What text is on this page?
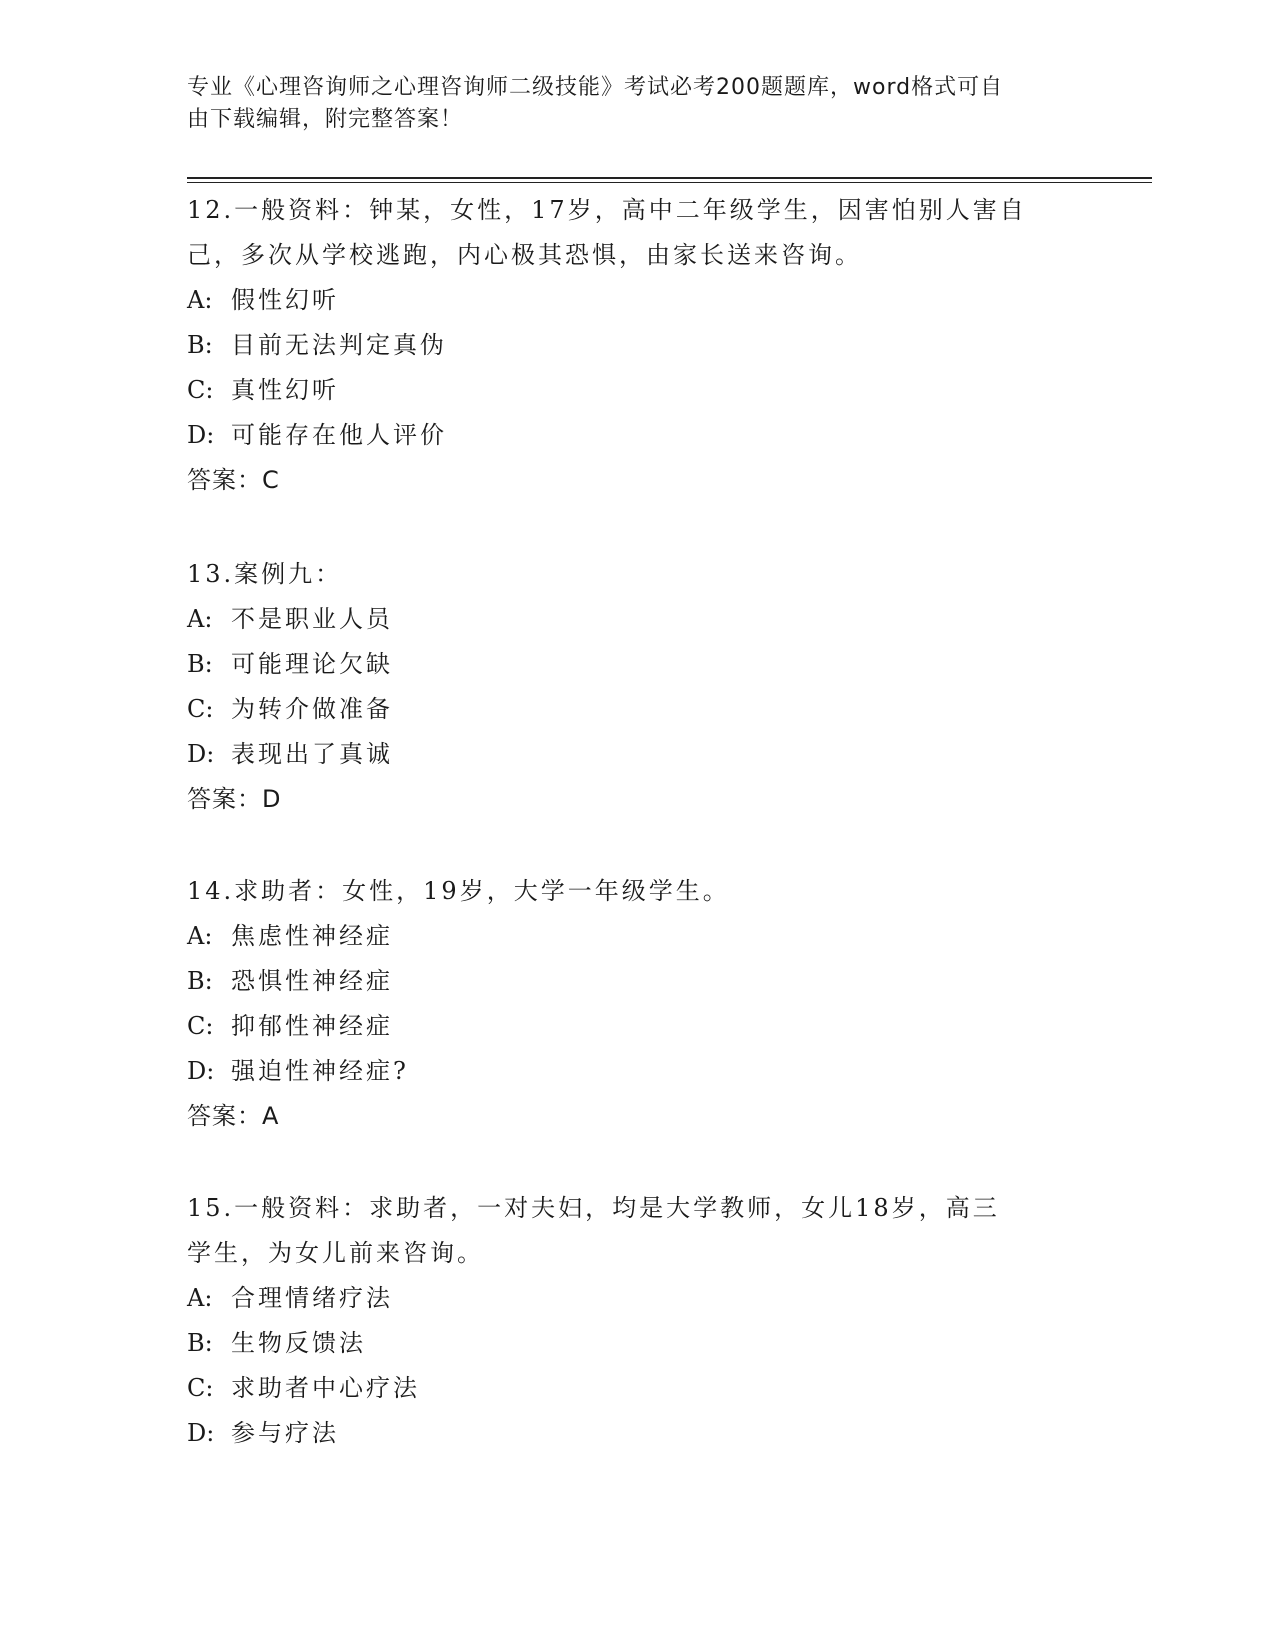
专业《心理咨询师之心理咨询师二级技能》考试必考200题题库，word格式可自
由下载编辑，附完整答案！
12.一般资料：钟某，女性，17岁，高中二年级学生，因害怕别人害自
己，多次从学校逃跑，内心极其恐惧，由家长送来咨询。
A: 假性幻听
B: 目前无法判定真伪
C: 真性幻听
D: 可能存在他人评价
答案：C
13.案例九：
A: 不是职业人员
B: 可能理论欠缺
C: 为转介做准备
D: 表现出了真诚
答案：D
14.求助者：女性，19岁，大学一年级学生。
A: 焦虑性神经症
B: 恐惧性神经症
C: 抑郁性神经症
D: 强迫性神经症?
答案：A
15.一般资料：求助者，一对夫妇，均是大学教师，女儿18岁，高三
学生，为女儿前来咨询。
A: 合理情绪疗法
B: 生物反馈法
C: 求助者中心疗法
D: 参与疗法
